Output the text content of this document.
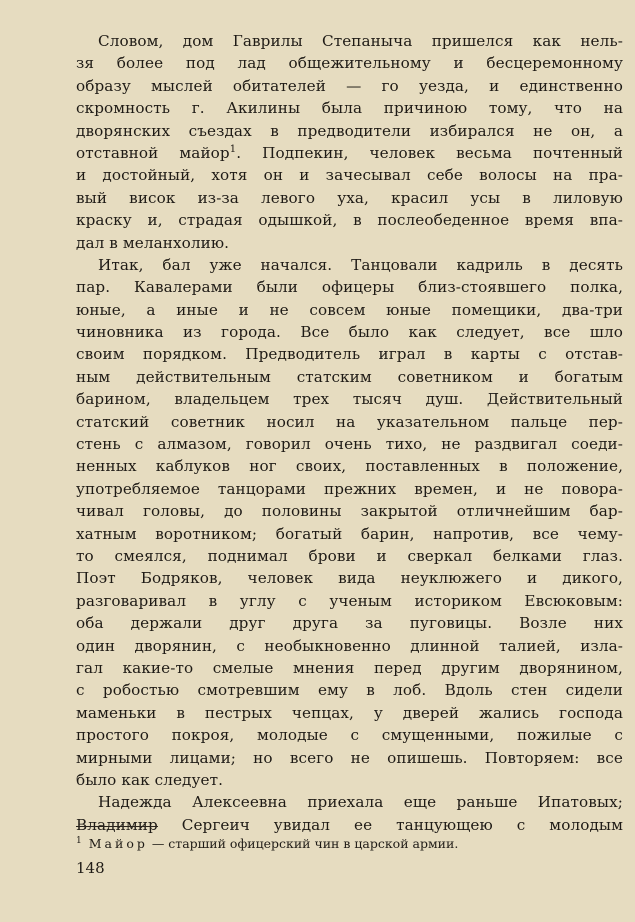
Словом, дом Гаврилы Степаныча пришелся как нель-
зя более под лад общежительному и бесцеремонному
образу мыслей обитателей — го уезда, и единственно
скромность г. Акилины была причиною тому, что на
дворянских съездах в предводители избирался не он, а
отставной майор$^1$. Подпекин, человек весьма почтенный
и достойный, хотя он и зачесывал себе волосы на пра-
вый висок из-за левого уха, красил усы в лиловую
краску и, страдая одышкой, в послеобеденное время впа-
дал в меланхолию.
Итак, бал уже начался. Танцовали кадриль в десять
пар. Кавалерами были офицеры близ-стоявшего полка,
юные, а иные и не совсем юные помещики, два-три
чиновника из города. Все было как следует, все шло
своим порядком. Предводитель играл в карты с отстав-
ным действительным статским советником и богатым
барином, владельцем трех тысяч душ. Действительный
статский советник носил на указательном пальце пер-
стень с алмазом, говорил очень тихо, не раздвигал соеди-
ненных каблуков ног своих, поставленных в положение,
употребляемое танцорами прежних времен, и не повора-
чивал головы, до половины закрытой отличнейшим бар-
хатным воротником; богатый барин, напротив, все чему-
то смеялся, поднимал брови и сверкал белками глаз.
Поэт Бодряков, человек вида неуклюжего и дикого,
разговаривал в углу с ученым историком Евсюковым:
оба держали друг друга за пуговицы. Возле них
один дворянин, с необыкновенно длинной талией, изла-
гал какие-то смелые мнения перед другим дворянином,
с робостью смотревшим ему в лоб. Вдоль стен сидели
маменьки в пестрых чепцах, у дверей жались господа
простого покроя, молодые с смущенными, пожилые с
мирными лицами; но всего не опишешь. Повторяем: все
было как следует.
Надежда Алексеевна приехала еще раньше Ипатовых;
Владимир Сергеич увидал ее танцующею с молодым
$^1$ Майор — старший офицерский чин в царской армии.
148
